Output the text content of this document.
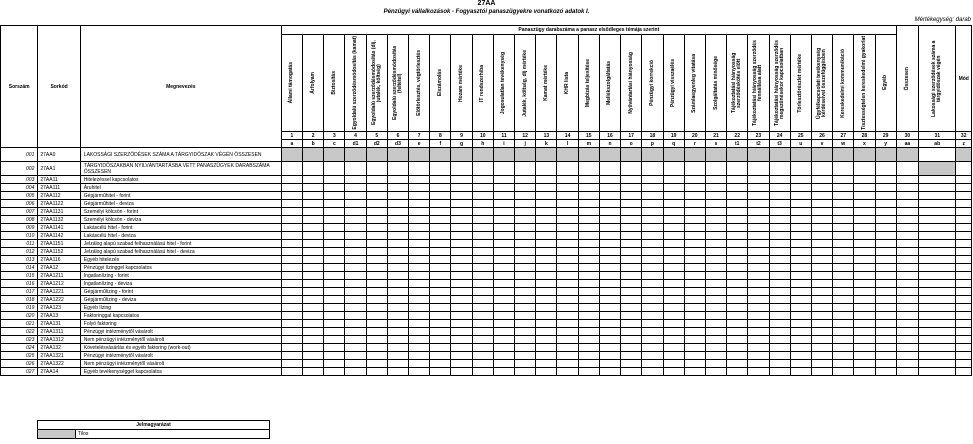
27AA
Pénzügyi vállalkozások - Fogyasztói panaszügyekre vonatkozó adatok I.
Mértékegység: darab
Sorszám	Sorkód	Megnevezés	Panaszügy darabszáma a panasz elsődleges témája szerint																													Összesen	Lakossági szerződések száma a tárgyidőszak végén	Mód

			Állami támogatás	Árfolyam	Biztosítás	Egyoldalú szerződésmódosítás (kamat)	Egyoldalú szerződésmódosítás (díj, jutalék, költség)	Egyoldalú szerződésmódosítás (feltétel)	Előtörlesztés, végtörlesztés	Elszámolás	Hozam mértéke	IT rendszerhiba	Jogosulatlan tevékenység	Jutalék, költség, díj mértéke	Kamat mértéke	KHR lista	Megbízás teljesítése	Mellékszolgáltatás	Nyilvántartási hiányosság	Pénzügyi korrekció	Pénzügyi visszaélés	Számlaegyenleg vitatása	Szolgáltatás minősége	Tájékoztatási hiányosság szerződéskötés előtt	Tájékoztatási hiányosság szerződés fennállása alatt	Tájékoztatási hiányosság szerződés megszűnésekor kapcsolatban	Törlesztőrészlet mértéke	Ügyfélkapcsolati tevékenység kérdéseivel összefüggésben	Kereskedelmi kommunikáció	Tisztességtelen kereskedelmi gyakorlat	Egyéb			

			1	2	3	4	5	6	7	8	9	10	11	12	13	14	15	16	17	18	19	20	21	22	23	24	25	26	27	28	29	30	31	32
			a	b	c	d1	d2	d3	e	f	g	h	i	j	k	l	m	n	o	p	q	r	s	t1	t2	t3	u	v	w	x	y	aa	ab	z
001	27AA0	LAKOSSÁGI SZERZŐDÉSEK SZÁMA A TÁRGYIDŐSZAK VÉGÉN ÖSSZESEN																																
002	27AA1	TÁRGYIDŐSZAKBAN NYILVÁNTARTÁSBA VETT PANASZÜGYEK DARABSZÁMA ÖSSZESEN																																
003	27AA11	Hitelezéssel kapcsolatos																																
004	27AA111	Áruhitel																																
005	27AA112	Gépjárműhitel - forint																																
006	27AA1122	Gépjárműhitel - deviza																																
007	27AA1131	Személyi kölcsön - forint																																
008	27AA1132	Személyi kölcsön - deviza																																
009	27AA1141	Lakáscélú hitel - forint																																
010	27AA1142	Lakáscélú hitel - deviza																																
011	27AA1151	Jelzálog alapú szabad felhasználású hitel - forint																																
012	27AA1152	Jelzálog alapú szabad felhasználású hitel - deviza																																
013	27AA116	Egyéb hitelezés																																
014	27AA12	Pénzügyi lízinggel kapcsolatos																																
015	27AA1211	Ingatlanlízing - forint																																
016	27AA1212	Ingatlanlízing - deviza																																
017	27AA1221	Gépjárműlízing - forint																																
018	27AA1222	Gépjárműlízing - deviza																																
019	27AA123	Egyéb lízing																																
020	27AA13	Faktoringgal kapcsolatos																																
021	27AA131	Folyó faktoring																																
022	27AA1311	Pénzügyi intézménytől vásárolt																																
023	27AA1312	Nem pénzügyi intézménytől vásárolt																																
024	27AA132	Követelésvásárlás és egyéb faktoring (work-out)																																
025	27AA1321	Pénzügyi intézménytől vásárolt																																
026	27AA1322	Nem pénzügyi intézménytől vásárolt																																
027	27AA14	Egyéb tevékenységgel kapcsolatos																																
Jelmagyarázat
Tilos
